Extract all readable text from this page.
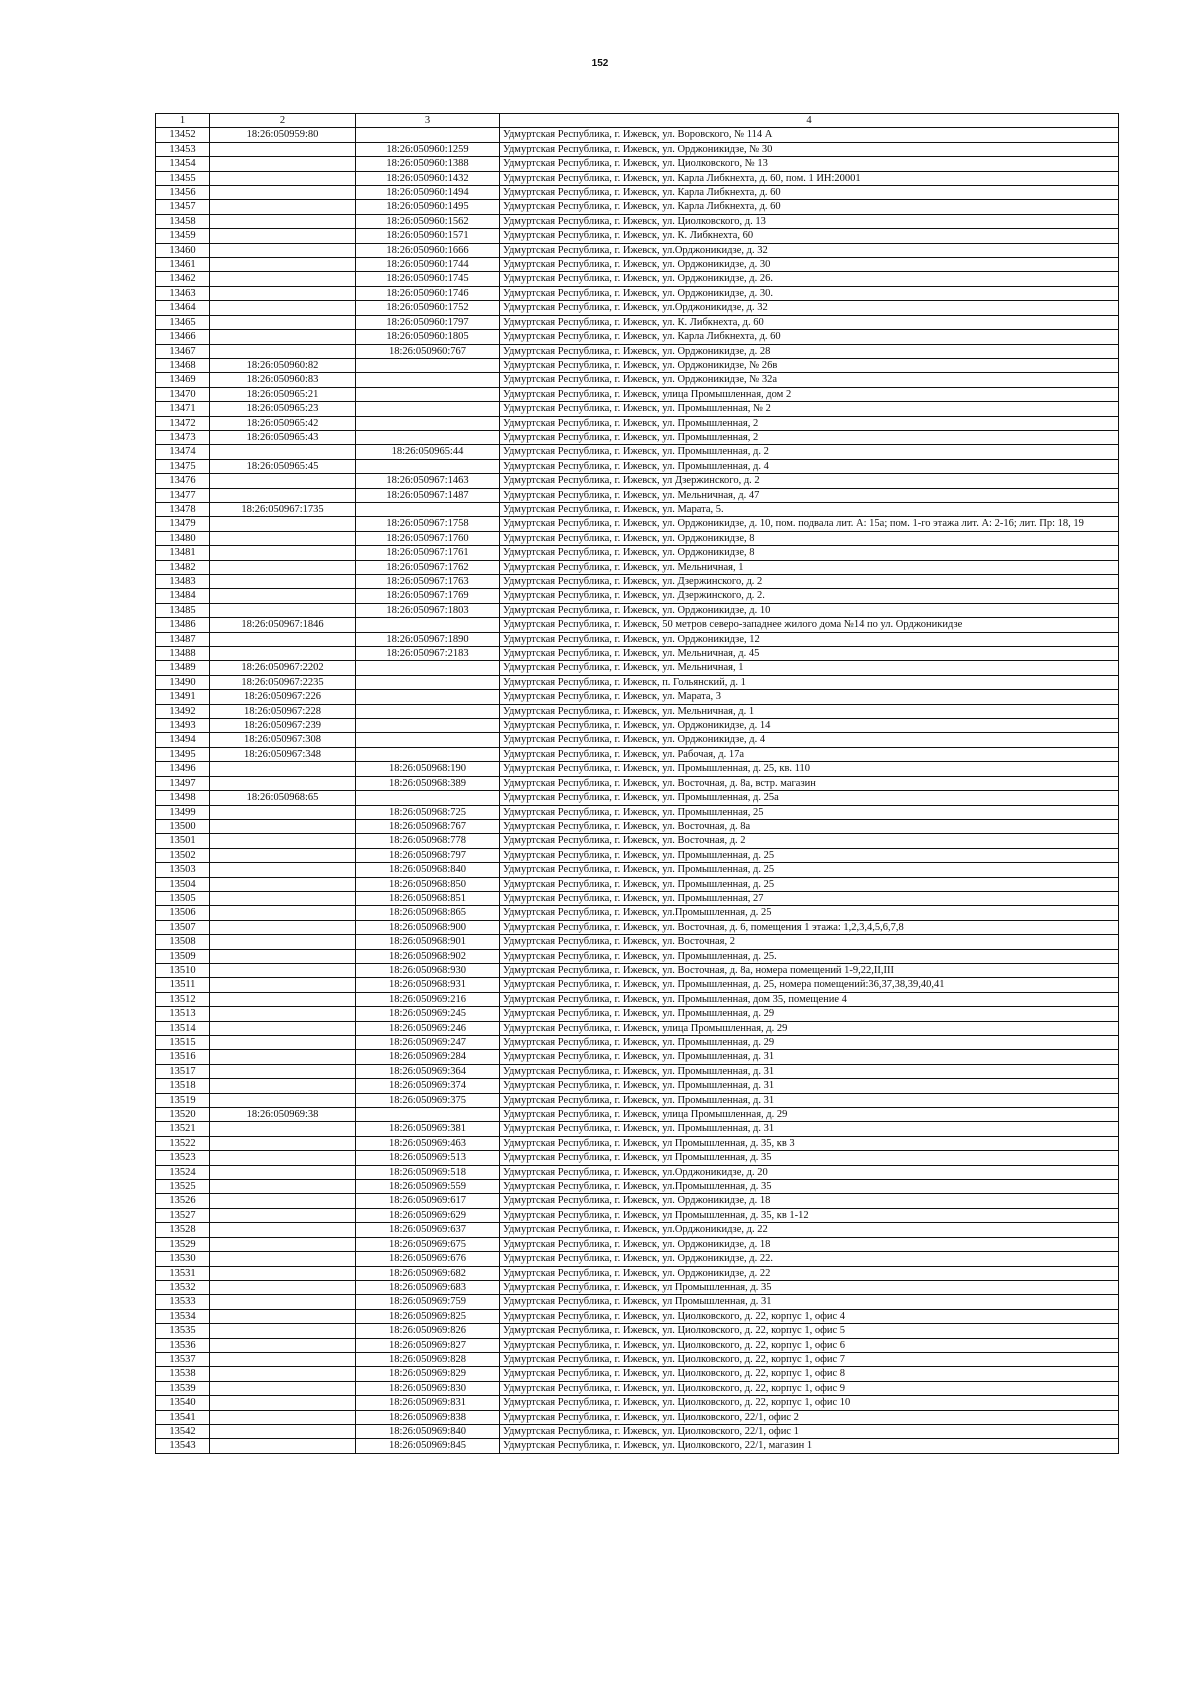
152
1	2	3	4
13452	18:26:050959:80		Удмуртская Республика, г. Ижевск, ул. Воровского, № 114 А
13453		18:26:050960:1259	Удмуртская Республика, г. Ижевск, ул. Орджоникидзе, № 30
13454		18:26:050960:1388	Удмуртская Республика, г. Ижевск, ул. Циолковского, № 13
13455		18:26:050960:1432	Удмуртская Республика, г. Ижевск, ул. Карла Либкнехта, д. 60, пом. 1 ИН:20001
13456		18:26:050960:1494	Удмуртская Республика, г. Ижевск, ул. Карла Либкнехта, д. 60
13457		18:26:050960:1495	Удмуртская Республика, г. Ижевск, ул. Карла Либкнехта, д. 60
13458		18:26:050960:1562	Удмуртская Республика, г. Ижевск, ул. Циолковского, д. 13
13459		18:26:050960:1571	Удмуртская Республика, г. Ижевск, ул. К. Либкнехта, 60
13460		18:26:050960:1666	Удмуртская Республика, г. Ижевск, ул.Орджоникидзе, д. 32
13461		18:26:050960:1744	Удмуртская Республика, г. Ижевск, ул. Орджоникидзе, д. 30
13462		18:26:050960:1745	Удмуртская Республика, г. Ижевск, ул. Орджоникидзе, д. 26.
13463		18:26:050960:1746	Удмуртская Республика, г. Ижевск, ул. Орджоникидзе, д. 30.
13464		18:26:050960:1752	Удмуртская Республика, г. Ижевск, ул.Орджоникидзе, д. 32
13465		18:26:050960:1797	Удмуртская Республика, г. Ижевск, ул. К. Либкнехта, д. 60
13466		18:26:050960:1805	Удмуртская Республика, г. Ижевск, ул. Карла Либкнехта, д. 60
13467		18:26:050960:767	Удмуртская Республика, г. Ижевск, ул. Орджоникидзе, д. 28
13468	18:26:050960:82		Удмуртская Республика, г. Ижевск, ул. Орджоникидзе, № 26в
13469	18:26:050960:83		Удмуртская Республика, г. Ижевск, ул. Орджоникидзе, № 32а
13470	18:26:050965:21		Удмуртская Республика, г. Ижевск, улица Промышленная, дом 2
13471	18:26:050965:23		Удмуртская Республика, г. Ижевск, ул. Промышленная, № 2
13472	18:26:050965:42		Удмуртская Республика, г. Ижевск, ул. Промышленная, 2
13473	18:26:050965:43		Удмуртская Республика, г. Ижевск, ул. Промышленная, 2
13474		18:26:050965:44	Удмуртская Республика, г. Ижевск, ул. Промышленная, д. 2
13475	18:26:050965:45		Удмуртская Республика, г. Ижевск, ул. Промышленная, д. 4
13476		18:26:050967:1463	Удмуртская Республика, г. Ижевск, ул Дзержинского, д. 2
13477		18:26:050967:1487	Удмуртская Республика, г. Ижевск, ул. Мельничная, д. 47
13478	18:26:050967:1735		Удмуртская Республика, г. Ижевск, ул. Марата, 5.
13479		18:26:050967:1758	Удмуртская Республика, г. Ижевск, ул. Орджоникидзе, д. 10, пом. подвала лит. А: 15а; пом. 1-го этажа лит. А: 2-16; лит. Пр: 18, 19
13480		18:26:050967:1760	Удмуртская Республика, г. Ижевск, ул. Орджоникидзе, 8
13481		18:26:050967:1761	Удмуртская Республика, г. Ижевск, ул. Орджоникидзе, 8
13482		18:26:050967:1762	Удмуртская Республика, г. Ижевск, ул. Мельничная, 1
13483		18:26:050967:1763	Удмуртская Республика, г. Ижевск, ул. Дзержинского, д. 2
13484		18:26:050967:1769	Удмуртская Республика, г. Ижевск, ул. Дзержинского, д. 2.
13485		18:26:050967:1803	Удмуртская Республика, г. Ижевск, ул. Орджоникидзе, д. 10
13486	18:26:050967:1846		Удмуртская Республика, г. Ижевск, 50 метров северо-западнее жилого дома №14 по ул. Орджоникидзе
13487		18:26:050967:1890	Удмуртская Республика, г. Ижевск, ул. Орджоникидзе, 12
13488		18:26:050967:2183	Удмуртская Республика, г. Ижевск, ул. Мельничная, д. 45
13489	18:26:050967:2202		Удмуртская Республика, г. Ижевск, ул. Мельничная, 1
13490	18:26:050967:2235		Удмуртская Республика, г. Ижевск, п. Гольянский, д. 1
13491	18:26:050967:226		Удмуртская Республика, г. Ижевск, ул. Марата, 3
13492	18:26:050967:228		Удмуртская Республика, г. Ижевск, ул. Мельничная, д. 1
13493	18:26:050967:239		Удмуртская Республика, г. Ижевск, ул. Орджоникидзе, д. 14
13494	18:26:050967:308		Удмуртская Республика, г. Ижевск, ул. Орджоникидзе, д. 4
13495	18:26:050967:348		Удмуртская Республика, г. Ижевск, ул. Рабочая, д. 17а
13496		18:26:050968:190	Удмуртская Республика, г. Ижевск, ул. Промышленная, д. 25, кв. 110
13497		18:26:050968:389	Удмуртская Республика, г. Ижевск, ул. Восточная, д. 8а, встр. магазин
13498	18:26:050968:65		Удмуртская Республика, г. Ижевск, ул. Промышленная, д. 25а
13499		18:26:050968:725	Удмуртская Республика, г. Ижевск, ул. Промышленная, 25
13500		18:26:050968:767	Удмуртская Республика, г. Ижевск, ул. Восточная, д. 8а
13501		18:26:050968:778	Удмуртская Республика, г. Ижевск, ул. Восточная, д. 2
13502		18:26:050968:797	Удмуртская Республика, г. Ижевск, ул. Промышленная, д. 25
13503		18:26:050968:840	Удмуртская Республика, г. Ижевск, ул. Промышленная, д. 25
13504		18:26:050968:850	Удмуртская Республика, г. Ижевск, ул. Промышленная, д. 25
13505		18:26:050968:851	Удмуртская Республика, г. Ижевск, ул. Промышленная, 27
13506		18:26:050968:865	Удмуртская Республика, г. Ижевск, ул.Промышленная, д. 25
13507		18:26:050968:900	Удмуртская Республика, г. Ижевск, ул. Восточная, д. 6, помещения 1 этажа: 1,2,3,4,5,6,7,8
13508		18:26:050968:901	Удмуртская Республика, г. Ижевск, ул. Восточная, 2
13509		18:26:050968:902	Удмуртская Республика, г. Ижевск, ул. Промышленная, д. 25.
13510		18:26:050968:930	Удмуртская Республика, г. Ижевск, ул. Восточная, д. 8а, номера помещений 1-9,22,II,III
13511		18:26:050968:931	Удмуртская Республика, г. Ижевск, ул. Промышленная, д. 25, номера помещений:36,37,38,39,40,41
13512		18:26:050969:216	Удмуртская Республика, г. Ижевск, ул. Промышленная, дом 35, помещение 4
13513		18:26:050969:245	Удмуртская Республика, г. Ижевск, ул. Промышленная, д. 29
13514		18:26:050969:246	Удмуртская Республика, г. Ижевск, улица Промышленная, д. 29
13515		18:26:050969:247	Удмуртская Республика, г. Ижевск, ул. Промышленная, д. 29
13516		18:26:050969:284	Удмуртская Республика, г. Ижевск, ул. Промышленная, д. 31
13517		18:26:050969:364	Удмуртская Республика, г. Ижевск, ул. Промышленная, д. 31
13518		18:26:050969:374	Удмуртская Республика, г. Ижевск, ул. Промышленная, д. 31
13519		18:26:050969:375	Удмуртская Республика, г. Ижевск, ул. Промышленная, д. 31
13520	18:26:050969:38		Удмуртская Республика, г. Ижевск, улица Промышленная, д. 29
13521		18:26:050969:381	Удмуртская Республика, г. Ижевск, ул. Промышленная, д. 31
13522		18:26:050969:463	Удмуртская Республика, г. Ижевск, ул Промышленная, д. 35, кв 3
13523		18:26:050969:513	Удмуртская Республика, г. Ижевск, ул Промышленная, д. 35
13524		18:26:050969:518	Удмуртская Республика, г. Ижевск, ул.Орджоникидзе, д. 20
13525		18:26:050969:559	Удмуртская Республика, г. Ижевск, ул.Промышленная, д. 35
13526		18:26:050969:617	Удмуртская Республика, г. Ижевск, ул. Орджоникидзе, д. 18
13527		18:26:050969:629	Удмуртская Республика, г. Ижевск, ул Промышленная, д. 35, кв 1-12
13528		18:26:050969:637	Удмуртская Республика, г. Ижевск, ул.Орджоникидзе, д. 22
13529		18:26:050969:675	Удмуртская Республика, г. Ижевск, ул. Орджоникидзе, д. 18
13530		18:26:050969:676	Удмуртская Республика, г. Ижевск, ул. Орджоникидзе, д. 22.
13531		18:26:050969:682	Удмуртская Республика, г. Ижевск, ул. Орджоникидзе, д. 22
13532		18:26:050969:683	Удмуртская Республика, г. Ижевск, ул Промышленная, д. 35
13533		18:26:050969:759	Удмуртская Республика, г. Ижевск, ул Промышленная, д. 31
13534		18:26:050969:825	Удмуртская Республика, г. Ижевск, ул. Циолковского, д. 22, корпус 1, офис 4
13535		18:26:050969:826	Удмуртская Республика, г. Ижевск, ул. Циолковского, д. 22, корпус 1, офис 5
13536		18:26:050969:827	Удмуртская Республика, г. Ижевск, ул. Циолковского, д. 22, корпус 1, офис 6
13537		18:26:050969:828	Удмуртская Республика, г. Ижевск, ул. Циолковского, д. 22, корпус 1, офис 7
13538		18:26:050969:829	Удмуртская Республика, г. Ижевск, ул. Циолковского, д. 22, корпус 1, офис 8
13539		18:26:050969:830	Удмуртская Республика, г. Ижевск, ул. Циолковского, д. 22, корпус 1, офис 9
13540		18:26:050969:831	Удмуртская Республика, г. Ижевск, ул. Циолковского, д. 22, корпус 1, офис 10
13541		18:26:050969:838	Удмуртская Республика, г. Ижевск, ул. Циолковского, 22/1, офис 2
13542		18:26:050969:840	Удмуртская Республика, г. Ижевск, ул. Циолковского, 22/1, офис 1
13543		18:26:050969:845	Удмуртская Республика, г. Ижевск, ул. Циолковского, 22/1, магазин 1
